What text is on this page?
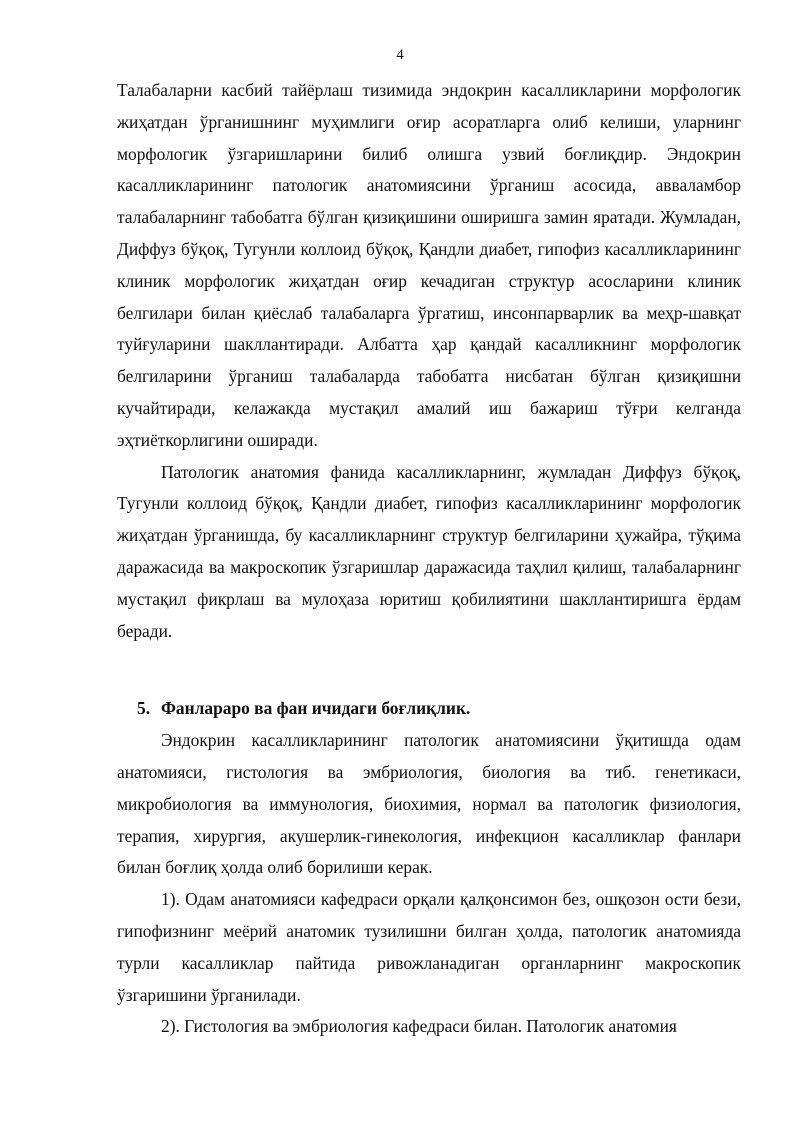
4

Талабаларни касбий тайёрлаш тизимида эндокрин касалликларини морфологик жиҳатдан ўрганишнинг муҳимлиги оғир асоратларга олиб келиши, уларнинг морфологик ўзгаришларини билиб олишга узвий боғлиқдир. Эндокрин касалликларининг патологик анатомиясини ўрганиш асосида, авваламбор талабаларнинг табобатга бўлган қизиқишини оширишга замин яратади. Жумладан, Диффуз бўқоқ, Тугунли коллоид бўқоқ, Қандли диабет, гипофиз касалликларининг клиник морфологик жиҳатдан оғир кечадиган структур асосларини клиник белгилари билан қиёслаб талабаларга ўргатиш, инсонпарварлик ва меҳр-шавқат туйғуларини шакллантиради. Албатта ҳар қандай касалликнинг морфологик белгиларини ўрганиш талабаларда табобатга нисбатан бўлган қизиқишни кучайтиради, келажакда мустақил амалий иш бажариш тўғри келганда эҳтиёткорлигини оширади.

Патологик анатомия фанида касалликларнинг, жумладан Диффуз бўқоқ, Тугунли коллоид бўқоқ, Қандли диабет, гипофиз касалликларининг морфологик жиҳатдан ўрганишда, бу касалликларнинг структур белгиларини ҳужайра, тўқима даражасида ва макроскопик ўзгаришлар даражасида таҳлил қилиш, талабаларнинг мустақил фикрлаш ва мулоҳаза юритиш қобилиятини шакллантиришга ёрдам беради.

5. Фанлараро ва фан ичидаги боғлиқлик.

Эндокрин касалликларининг патологик анатомиясини ўқитишда одам анатомияси, гистология ва эмбриология, биология ва тиб. генетикаси, микробиология ва иммунология, биохимия, нормал ва патологик физиология, терапия, хирургия, акушерлик-гинекология, инфекцион касалликлар фанлари билан боғлиқ ҳолда олиб борилиши керак.

1). Одам анатомияси кафедраси орқали қалқонсимон без, ошқозон ости бези, гипофизнинг меёрий анатомик тузилишни билган ҳолда, патологик анатомияда турли касалликлар пайтида ривожланадиган органларнинг макроскопик ўзгаришини ўрганилади.

2). Гистология ва эмбриология кафедраси билан. Патологик анатомия
